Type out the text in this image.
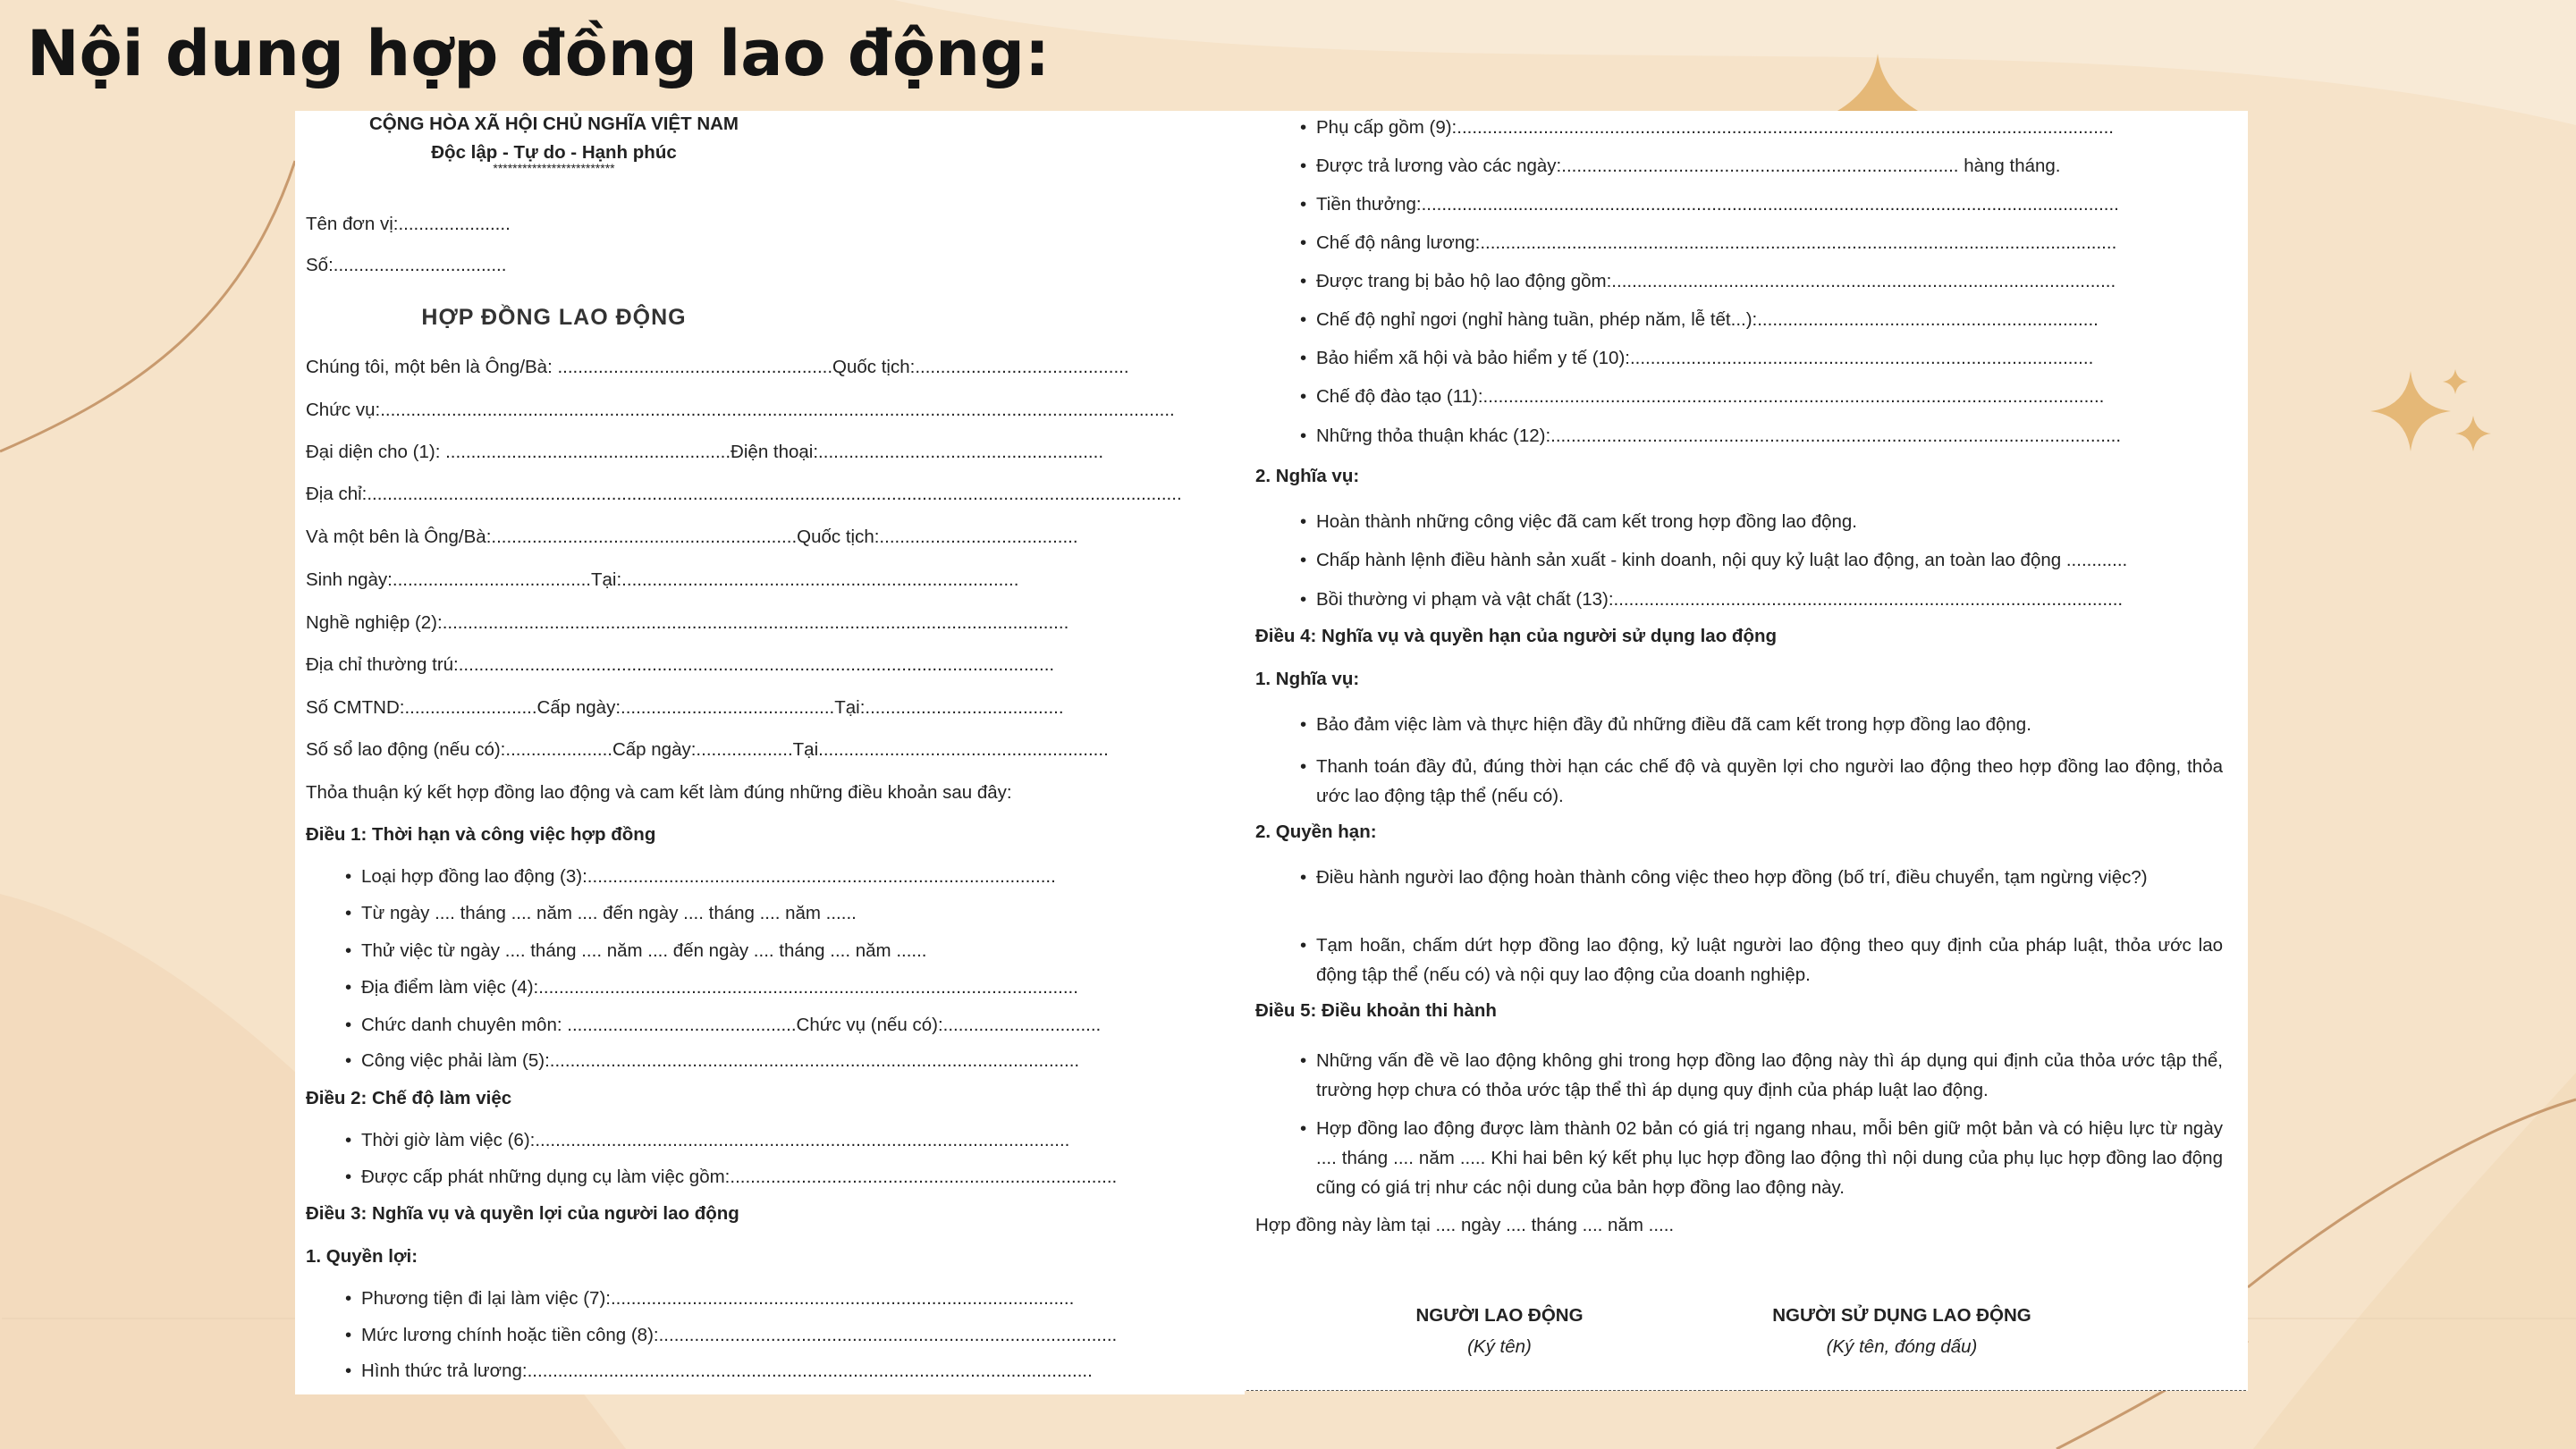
Nội dung hợp đồng lao động:
CỘNG HÒA XÃ HỘI CHỦ NGHĨA VIỆT NAM
Độc lập - Tự do - Hạnh phúc
*************************
Tên đơn vị:......................
Số:..................................
HỢP ĐỒNG LAO ĐỘNG
Chúng tôi, một bên là Ông/Bà: ......................................................Quốc tịch:..........................................
Chức vụ:............................................................................................................................................................
Đại diện cho (1): ........................................................Điện thoại:........................................................
Địa chỉ:................................................................................................................................................................
Và một bên là Ông/Bà:............................................................Quốc tịch:.......................................
Sinh ngày:.......................................Tại:..............................................................................
Nghề nghiệp (2):...........................................................................................................................
Địa chỉ thường trú:.....................................................................................................................
Số CMTND:..........................Cấp ngày:..........................................Tại:.......................................
Số sổ lao động (nếu có):.....................Cấp ngày:...................Tại.........................................................
Thỏa thuận ký kết hợp đồng lao động và cam kết làm đúng những điều khoản sau đây:
Điều 1: Thời hạn và công việc hợp đồng
• Loại hợp đồng lao động (3):............................................................................................
• Từ ngày .... tháng .... năm .... đến ngày .... tháng .... năm ......
• Thử việc từ ngày .... tháng .... năm .... đến ngày .... tháng .... năm ......
• Địa điểm làm việc (4):..........................................................................................................
• Chức danh chuyên môn: .............................................Chức vụ (nếu có):...............................
• Công việc phải làm (5):........................................................................................................
Điều 2: Chế độ làm việc
• Thời giờ làm việc (6):.........................................................................................................
• Được cấp phát những dụng cụ làm việc gồm:............................................................................
Điều 3: Nghĩa vụ và quyền lợi của người lao động
1. Quyền lợi:
• Phương tiện đi lại làm việc (7):...........................................................................................
• Mức lương chính hoặc tiền công (8):..........................................................................................
• Hình thức trả lương:...............................................................................................................
• Phụ cấp gồm (9):.................................................................................................................................
• Được trả lương vào các ngày:.............................................................................. hàng tháng.
• Tiền thưởng:.........................................................................................................................................
• Chế độ nâng lương:.............................................................................................................................
• Được trang bị bảo hộ lao động gồm:...................................................................................................
• Chế độ nghỉ ngơi (nghỉ hàng tuần, phép năm, lễ tết...):...................................................................
• Bảo hiểm xã hội và bảo hiểm y tế (10):...........................................................................................
• Chế độ đào tạo (11):..........................................................................................................................
• Những thỏa thuận khác (12):................................................................................................................
2. Nghĩa vụ:
• Hoàn thành những công việc đã cam kết trong hợp đồng lao động.
• Chấp hành lệnh điều hành sản xuất - kinh doanh, nội quy kỷ luật lao động, an toàn lao động ............
• Bồi thường vi phạm và vật chất (13):....................................................................................................
Điều 4: Nghĩa vụ và quyền hạn của người sử dụng lao động
1. Nghĩa vụ:
• Bảo đảm việc làm và thực hiện đầy đủ những điều đã cam kết trong hợp đồng lao động.
• Thanh toán đầy đủ, đúng thời hạn các chế độ và quyền lợi cho người lao động theo hợp đồng lao động, thỏa ước lao động tập thể (nếu có).
2. Quyền hạn:
• Điều hành người lao động hoàn thành công việc theo hợp đồng (bố trí, điều chuyển, tạm ngừng việc?)
• Tạm hoãn, chấm dứt hợp đồng lao động, kỷ luật người lao động theo quy định của pháp luật, thỏa ước lao động tập thể (nếu có) và nội quy lao động của doanh nghiệp.
Điều 5: Điều khoản thi hành
• Những vấn đề về lao động không ghi trong hợp đồng lao động này thì áp dụng qui định của thỏa ước tập thể, trường hợp chưa có thỏa ước tập thể thì áp dụng quy định của pháp luật lao động.
• Hợp đồng lao động được làm thành 02 bản có giá trị ngang nhau, mỗi bên giữ một bản và có hiệu lực từ ngày .... tháng .... năm ..... Khi hai bên ký kết phụ lục hợp đồng lao động thì nội dung của phụ lục hợp đồng lao động cũng có giá trị như các nội dung của bản hợp đồng lao động này.
Hợp đồng này làm tại .... ngày .... tháng .... năm .....
NGƯỜI LAO ĐỘNG
(Ký tên)
NGƯỜI SỬ DỤNG LAO ĐỘNG
(Ký tên, đóng dấu)
